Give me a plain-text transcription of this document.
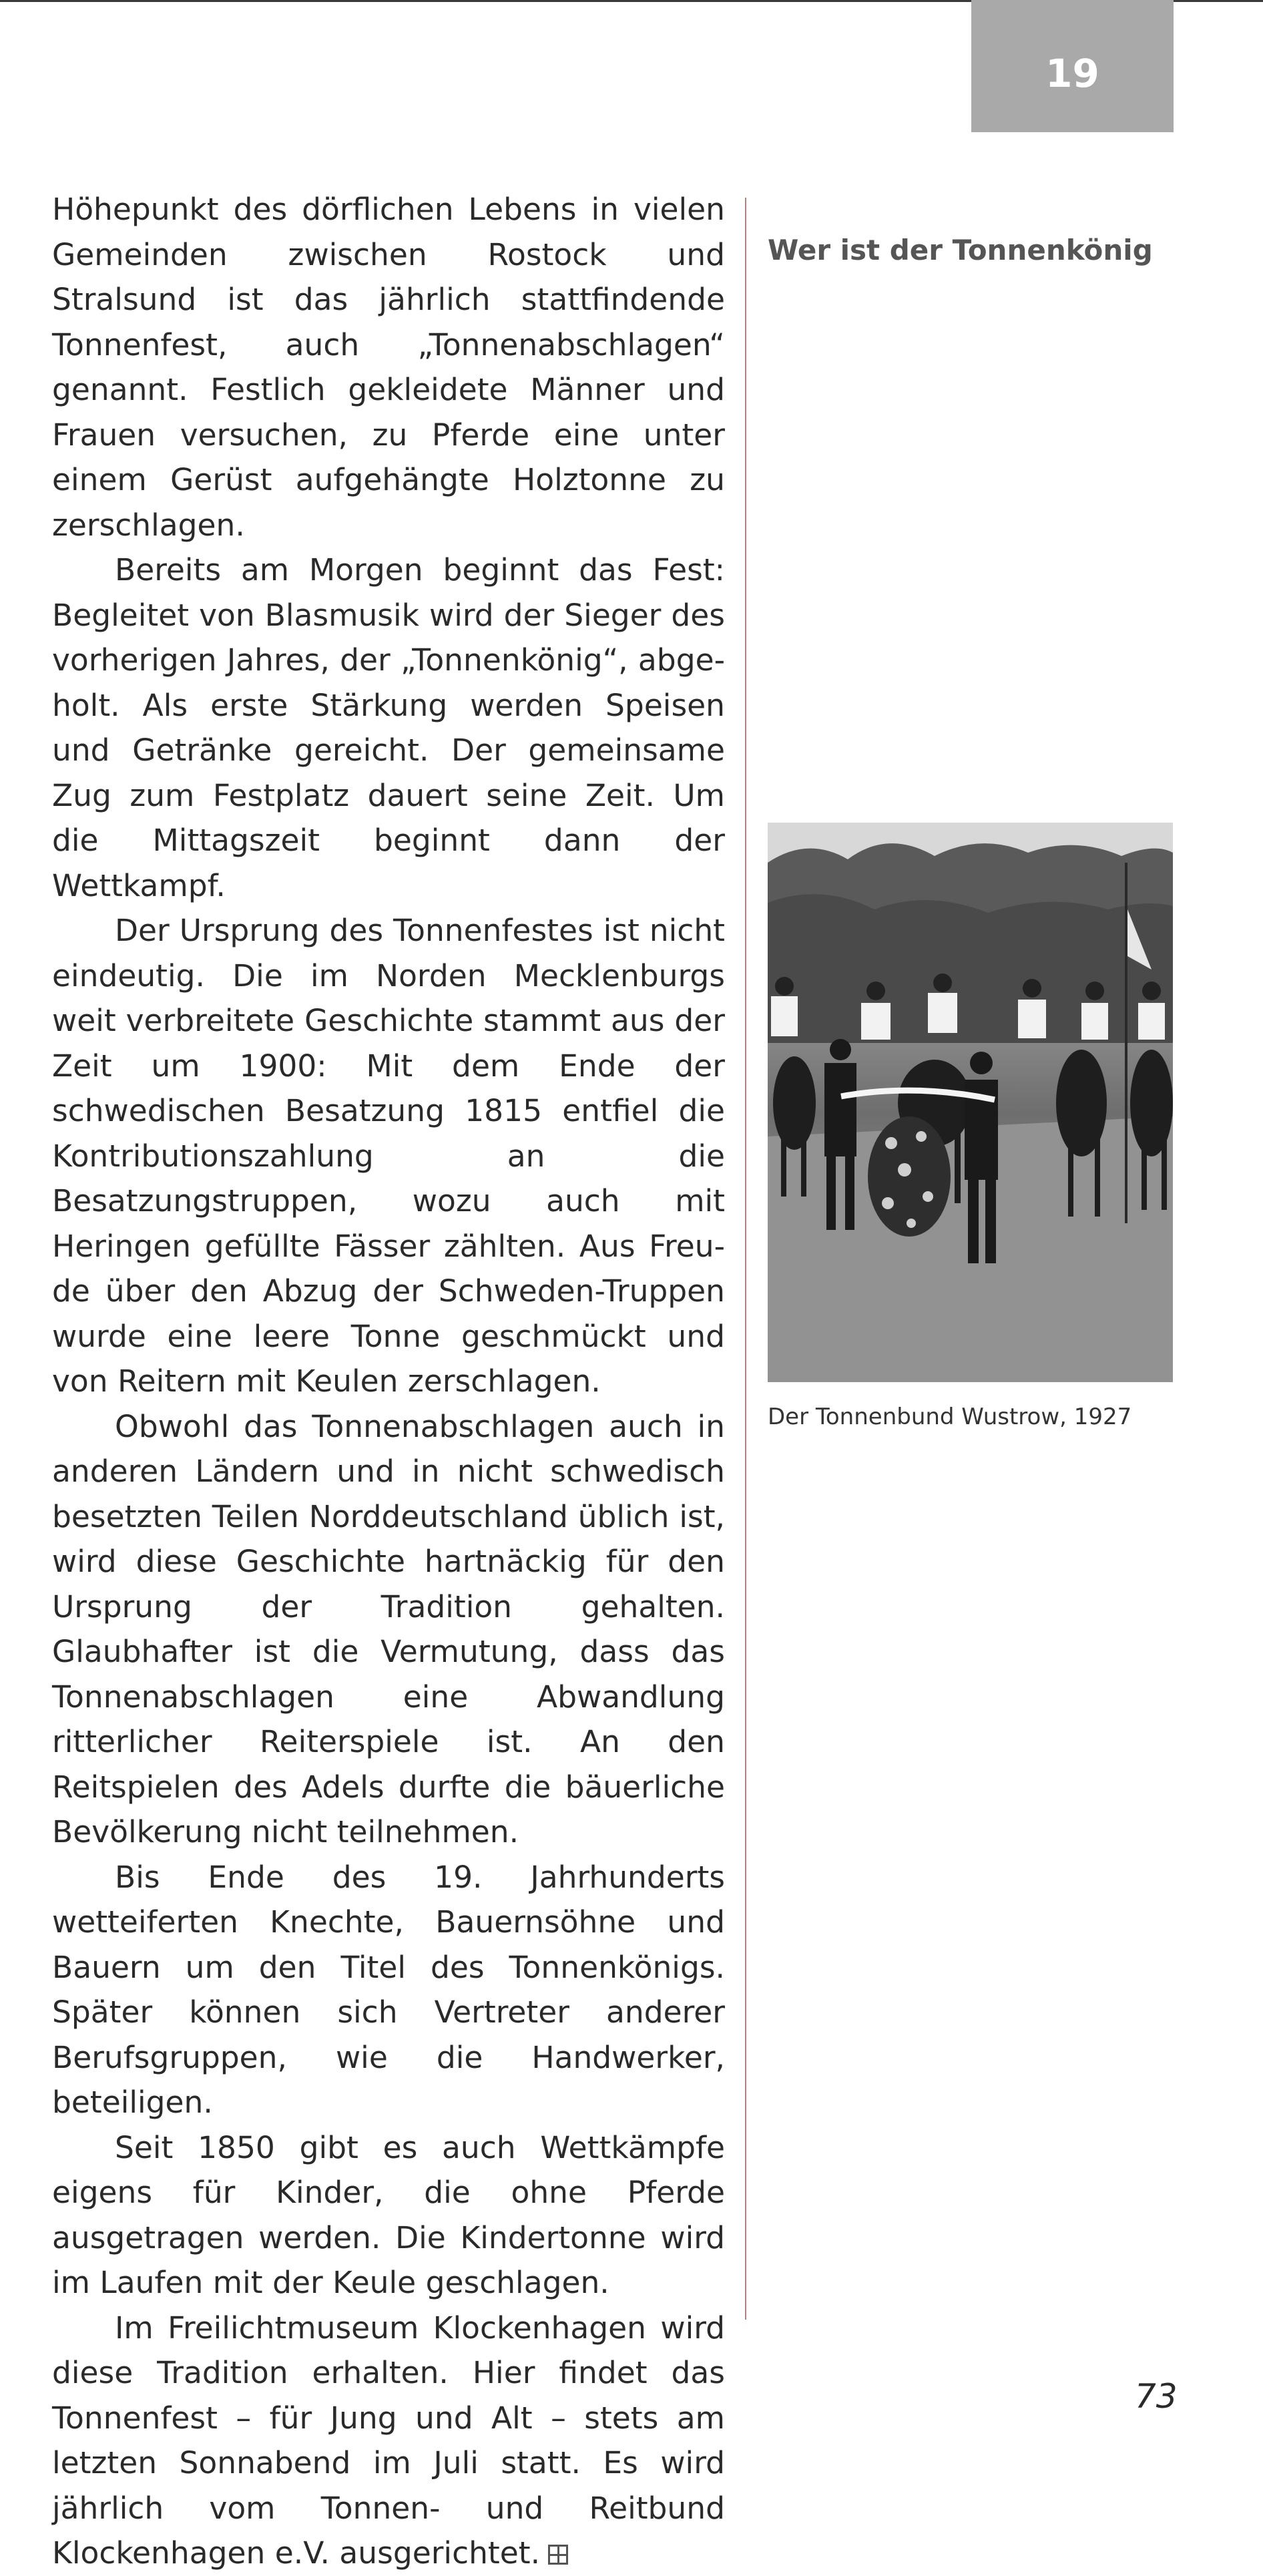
19

Höhepunkt des dörflichen Lebens in vielen Gemeinden zwischen Rostock und Stralsund ist das jährlich stattfindende Tonnenfest, auch „Tonnenabschlagen“ genannt. Festlich gekleidete Männer und Frauen versuchen, zu Pferde eine unter einem Gerüst aufgehängte Holztonne zu zerschlagen.

Bereits am Morgen beginnt das Fest: Begleitet von Blasmusik wird der Sieger des vorherigen Jahres, der „Tonnenkönig“, abgeholt. Als erste Stärkung werden Speisen und Getränke gereicht. Der gemeinsame Zug zum Festplatz dauert seine Zeit. Um die Mittagszeit beginnt dann der Wettkampf.

Der Ursprung des Tonnenfestes ist nicht eindeutig. Die im Norden Mecklenburgs weit verbreitete Geschichte stammt aus der Zeit um 1900: Mit dem Ende der schwedischen Besatzung 1815 entfiel die Kontributionszahlung an die Besatzungstruppen, wozu auch mit Heringen gefüllte Fässer zählten. Aus Freude über den Abzug der Schweden-Truppen wurde eine leere Tonne geschmückt und von Reitern mit Keulen zerschlagen.

Obwohl das Tonnenabschlagen auch in anderen Ländern und in nicht schwedisch besetzten Teilen Norddeutschland üblich ist, wird diese Geschichte hartnäckig für den Ursprung der Tradition gehalten. Glaubhafter ist die Vermutung, dass das Tonnenabschlagen eine Abwandlung ritterlicher Reiterspiele ist. An den Reitspielen des Adels durfte die bäuerliche Bevölkerung nicht teilnehmen.

Bis Ende des 19. Jahrhunderts wetteiferten Knechte, Bauernsöhne und Bauern um den Titel des Tonnenkönigs. Später können sich Vertreter anderer Berufsgruppen, wie die Handwerker, beteiligen.

Seit 1850 gibt es auch Wettkämpfe eigens für Kinder, die ohne Pferde ausgetragen werden. Die Kindertonne wird im Laufen mit der Keule geschlagen.

Im Freilichtmuseum Klockenhagen wird diese Tradition erhalten. Hier findet das Tonnenfest – für Jung und Alt – stets am letzten Sonnabend im Juli statt. Es wird jährlich vom Tonnen- und Reitbund Klockenhagen e.V. ausgerichtet.

Wer ist der Tonnenkönig
Der Tonnenbund Wustrow, 1927
73
